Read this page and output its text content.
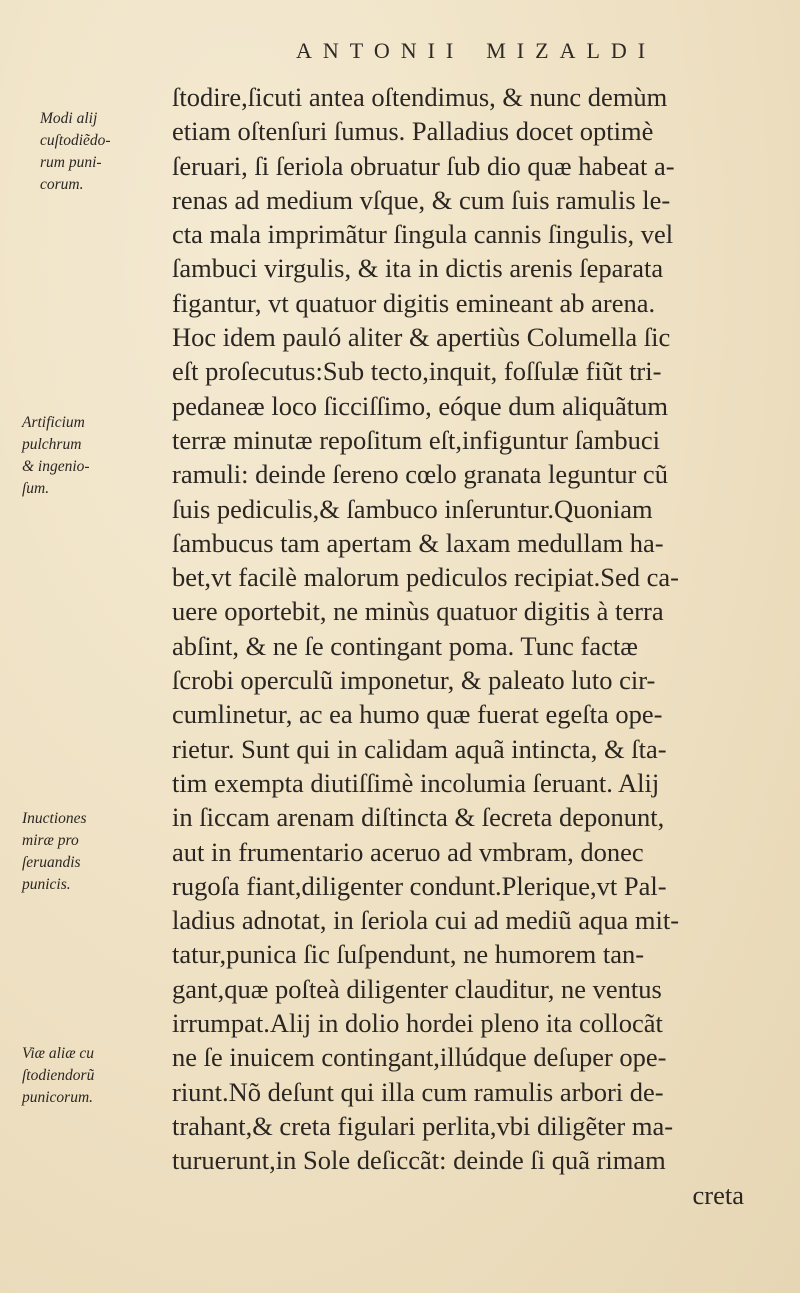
ANTONII MIZALDI
ſtodire,ſicuti antea oſtendimus, & nunc demùm
etiam oſtenſuri ſumus. Palladius docet optimè
ſeruari, ſi ſeriola obruatur ſub dio quæ habeat a-
renas ad medium vſque, & cum ſuis ramulis le-
cta mala imprimãtur ſingula cannis ſingulis, vel
ſambuci virgulis, & ita in dictis arenis ſeparata
figantur, vt quatuor digitis emineant ab arena.
Hoc idem pauló aliter & apertiùs Columella ſic
eſt proſecutus:Sub tecto,inquit, foſſulæ fiũt tri-
pedaneæ loco ſicciſſimo, eóque dum aliquãtum
terræ minutæ repoſitum eſt,infiguntur ſambuci
ramuli: deinde ſereno cœlo granata leguntur cũ
ſuis pediculis,& ſambuco inſeruntur.Quoniam
ſambucus tam apertam & laxam medullam ha-
bet,vt facilè malorum pediculos recipiat.Sed ca-
uere oportebit, ne minùs quatuor digitis à terra
abſint, & ne ſe contingant poma. Tunc factæ
ſcrobi operculũ imponetur, & paleato luto cir-
cumlinetur, ac ea humo quæ fuerat egeſta ope-
rietur. Sunt qui in calidam aquã intincta, & ſta-
tim exempta diutiſſimè incolumia ſeruant. Alij
in ſiccam arenam diſtincta & ſecreta deponunt,
aut in frumentario aceruo ad vmbram, donec
rugoſa fiant,diligenter condunt.Plerique,vt Pal-
ladius adnotat, in ſeriola cui ad mediũ aqua mit-
tatur,punica ſic ſuſpendunt, ne humorem tan-
gant,quæ poſteà diligenter clauditur, ne ventus
irrumpat.Alij in dolio hordei pleno ita collocãt
ne ſe inuicem contingant,illúdque deſuper ope-
riunt.Nõ deſunt qui illa cum ramulis arbori de-
trahant,& creta figulari perlita,vbi diligẽter ma-
turuerunt,in Sole deſiccãt: deinde ſi quã rimam
creta
Modi alij
cuſtodiẽdo-
rum puni-
corum.
Artificium
pulchrum
& ingenio-
ſum.
Inuctiones
miræ pro
ſeruandis
punicis.
Viæ aliæ cu
ſtodiendorũ
punicorum.
